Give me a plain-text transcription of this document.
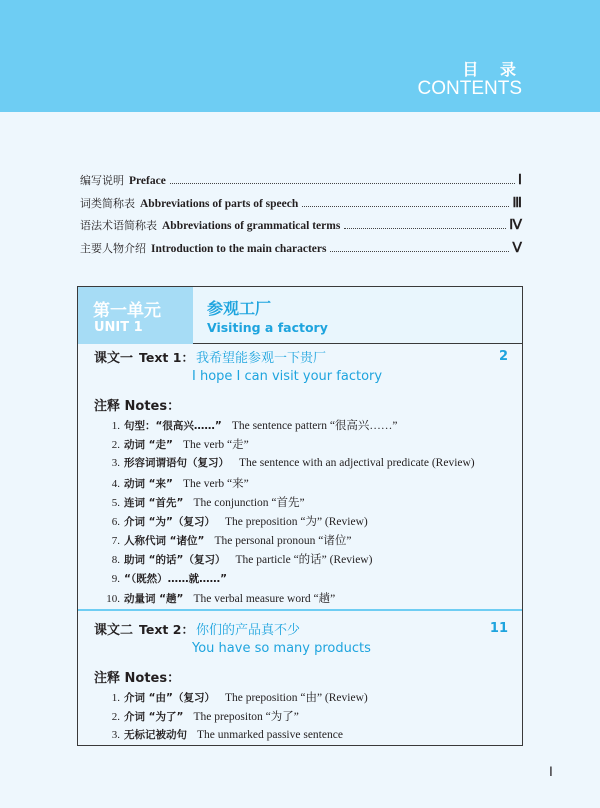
目 录
CONTENTS
编写说明 Preface	Ⅰ
词类简称表 Abbreviations of parts of speech	Ⅲ
语法术语简称表 Abbreviations of grammatical terms	Ⅳ
主要人物介绍 Introduction to the main characters	Ⅴ
第一单元
UNIT 1
参观工厂
Visiting a factory
课文一 Text 1 ： 我希望能参观一下贵厂	2
I hope I can visit your factory
注释 Notes：
1. 句型：“很高兴……” The sentence pattern “很高兴……”
2. 动词 “走” The verb “走”
3. 形容词谓语句（复习） The sentence with an adjectival predicate (Review)
4. 动词 “来” The verb “来”
5. 连词 “首先” The conjunction “首先”
6. 介词 “为”（复习） The preposition “为” (Review)
7. 人称代词 “诸位” The personal pronoun “诸位”
8. 助词 “的话”（复习） The particle “的话” (Review)
9. “（既然）……就……”
10. 动量词 “趟” The verbal measure word “趟”
课文二 Text 2 ： 你们的产品真不少	11
You have so many products
注释 Notes：
1. 介词 “由”（复习） The preposition “由” (Review)
2. 介词 “为了” The prepositon “为了”
3. 无标记被动句 The unmarked passive sentence
Ⅰ
